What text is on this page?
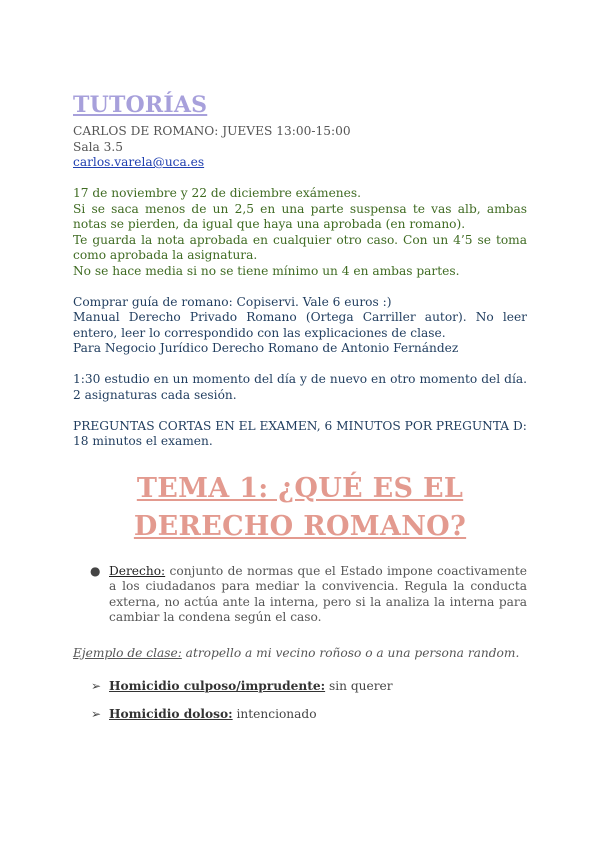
TUTORÍAS

CARLOS DE ROMANO: JUEVES 13:00-15:00

Sala 3.5

carlos.varela@uca.es

17 de noviembre y 22 de diciembre exámenes.

Si se saca menos de un 2,5 en una parte suspensa te vas alb, ambas notas se pierden, da igual que haya una aprobada (en romano).

Te guarda la nota aprobada en cualquier otro caso. Con un 4’5 se toma como aprobada la asignatura.

No se hace media si no se tiene mínimo un 4 en ambas partes.

Comprar guía de romano: Copiservi. Vale 6 euros :)

Manual Derecho Privado Romano (Ortega Carriller autor). No leer entero, leer lo correspondido con las explicaciones de clase.

Para Negocio Jurídico Derecho Romano de Antonio Fernández

1:30 estudio en un momento del día y de nuevo en otro momento del día. 2 asignaturas cada sesión.

PREGUNTAS CORTAS EN EL EXAMEN, 6 MINUTOS POR PREGUNTA D:

18 minutos el examen.

TEMA 1: ¿QUÉ ES EL DERECHO ROMANO?
● Derecho: conjunto de normas que el Estado impone coactivamente a los ciudadanos para mediar la convivencia. Regula la conducta externa, no actúa ante la interna, pero si la analiza la interna para cambiar la condena según el caso.
Ejemplo de clase: atropello a mi vecino roñoso o a una persona random.
➢ Homicidio culposo/imprudente: sin querer
➢ Homicidio doloso: intencionado
